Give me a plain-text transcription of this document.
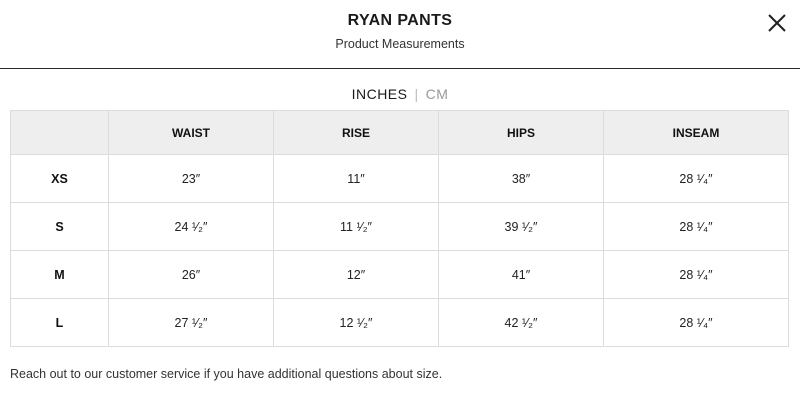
RYAN PANTS
Product Measurements
INCHES | CM
	WAIST	RISE	HIPS	INSEAM
XS	23″	11″	38″	28 ¹⁄₄″
S	24 ¹⁄₂″	11 ¹⁄₂″	39 ¹⁄₂″	28 ¹⁄₄″
M	26″	12″	41″	28 ¹⁄₄″
L	27 ¹⁄₂″	12 ¹⁄₂″	42 ¹⁄₂″	28 ¹⁄₄″
Reach out to our customer service if you have additional questions about size.
